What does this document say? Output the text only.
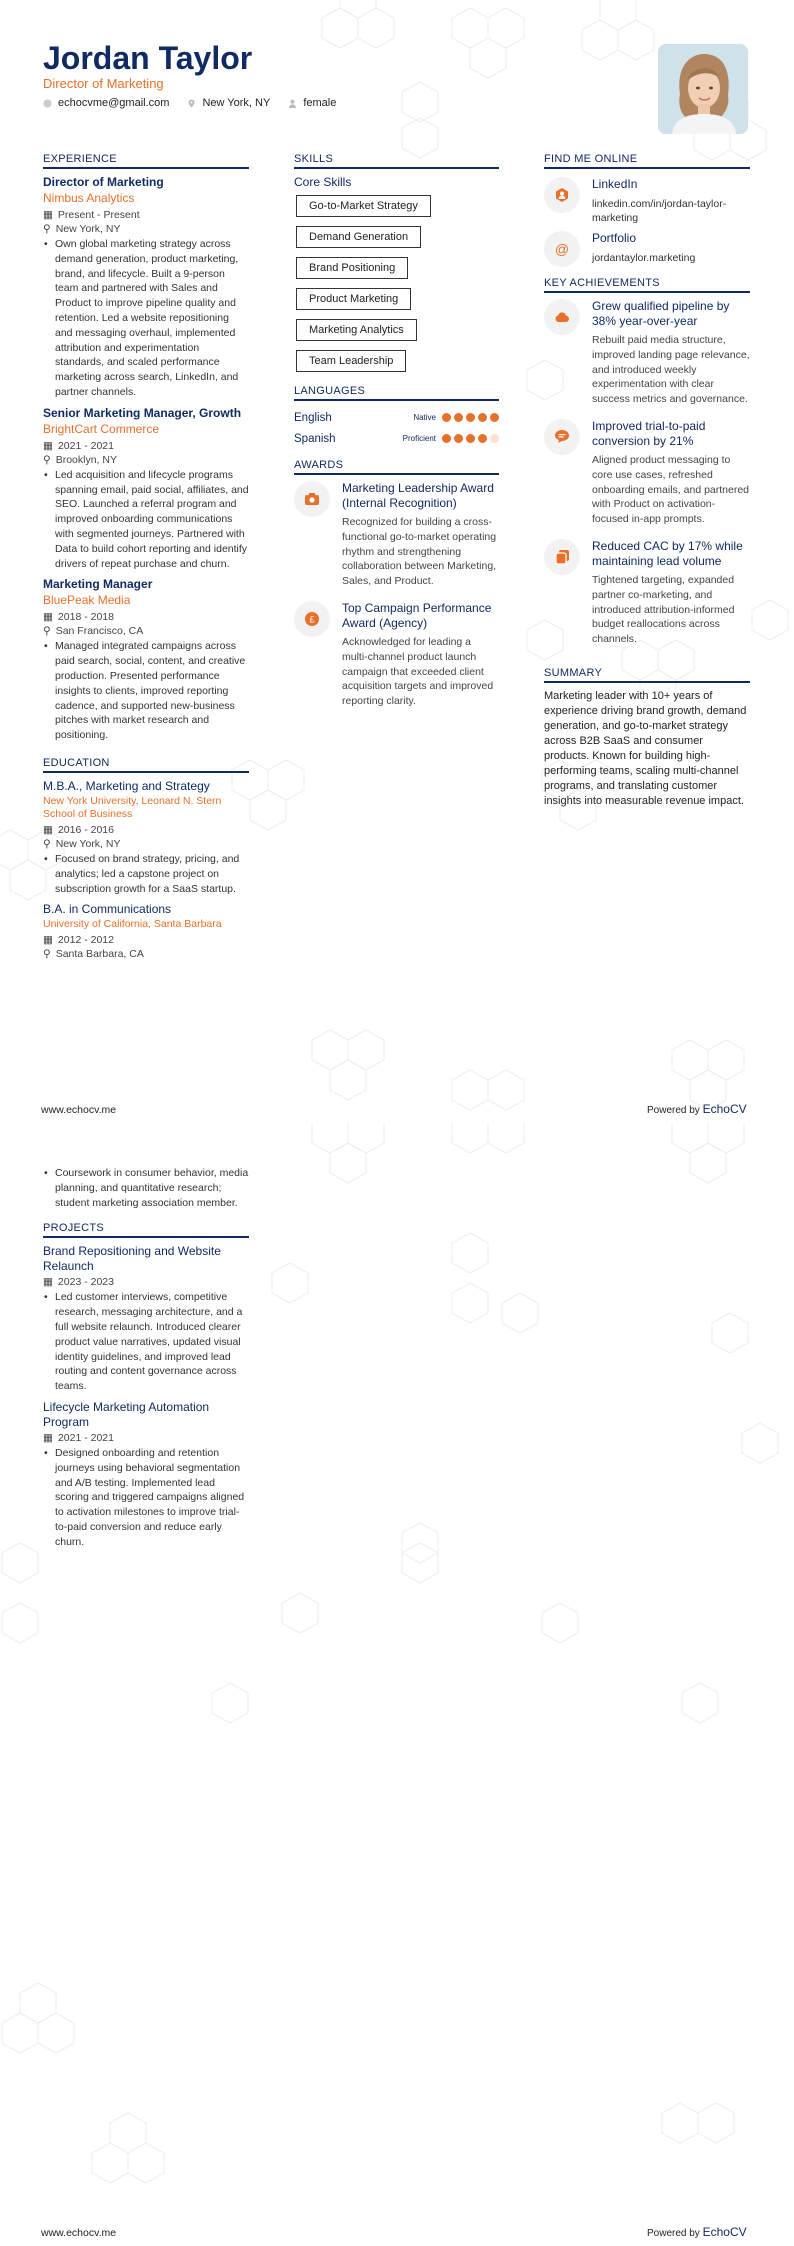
Jordan Taylor
Director of Marketing
echocvme@gmail.com	New York, NY	female
EXPERIENCE
Director of Marketing
Nimbus Analytics
▦ Present - Present
⚲ New York, NY
• Own global marketing strategy across demand generation, product marketing, brand, and lifecycle. Built a 9-person team and partnered with Sales and Product to improve pipeline quality and retention. Led a website repositioning and messaging overhaul, implemented attribution and experimentation standards, and scaled performance marketing across search, LinkedIn, and partner channels.
Senior Marketing Manager, Growth
BrightCart Commerce
▦ 2021 - 2021
⚲ Brooklyn, NY
• Led acquisition and lifecycle programs spanning email, paid social, affiliates, and SEO. Launched a referral program and improved onboarding communications with segmented journeys. Partnered with Data to build cohort reporting and identify drivers of repeat purchase and churn.
Marketing Manager
BluePeak Media
▦ 2018 - 2018
⚲ San Francisco, CA
• Managed integrated campaigns across paid search, social, content, and creative production. Presented performance insights to clients, improved reporting cadence, and supported new-business pitches with market research and positioning.
EDUCATION
M.B.A., Marketing and Strategy
New York University, Leonard N. Stern School of Business
▦ 2016 - 2016
⚲ New York, NY
• Focused on brand strategy, pricing, and analytics; led a capstone project on subscription growth for a SaaS startup.
B.A. in Communications
University of California, Santa Barbara
▦ 2012 - 2012
⚲ Santa Barbara, CA
SKILLS
Core Skills
Go-to-Market Strategy
Demand Generation
Brand Positioning
Product Marketing
Marketing Analytics
Team Leadership
LANGUAGES
English	Native
Spanish	Proficient
AWARDS
Marketing Leadership Award (Internal Recognition)
Recognized for building a cross-functional go-to-market operating rhythm and strengthening collaboration between Marketing, Sales, and Product.
£
Top Campaign Performance Award (Agency)
Acknowledged for leading a multi-channel product launch campaign that exceeded client acquisition targets and improved reporting clarity.
FIND ME ONLINE
LinkedIn
linkedin.com/in/jordan-taylor-marketing
@
Portfolio
jordantaylor.marketing
KEY ACHIEVEMENTS
Grew qualified pipeline by 38% year-over-year
Rebuilt paid media structure, improved landing page relevance, and introduced weekly experimentation with clear success metrics and governance.
Improved trial-to-paid conversion by 21%
Aligned product messaging to core use cases, refreshed onboarding emails, and partnered with Product on activation-focused in-app prompts.
Reduced CAC by 17% while maintaining lead volume
Tightened targeting, expanded partner co-marketing, and introduced attribution-informed budget reallocations across channels.
SUMMARY
Marketing leader with 10+ years of experience driving brand growth, demand generation, and go-to-market strategy across B2B SaaS and consumer products. Known for building high-performing teams, scaling multi-channel programs, and translating customer insights into measurable revenue impact.
www.echocv.me	Powered by EchoCV
• Coursework in consumer behavior, media planning, and quantitative research; student marketing association member.
PROJECTS
Brand Repositioning and Website Relaunch
▦ 2023 - 2023
• Led customer interviews, competitive research, messaging architecture, and a full website relaunch. Introduced clearer product value narratives, updated visual identity guidelines, and improved lead routing and content governance across teams.
Lifecycle Marketing Automation Program
▦ 2021 - 2021
• Designed onboarding and retention journeys using behavioral segmentation and A/B testing. Implemented lead scoring and triggered campaigns aligned to activation milestones to improve trial-to-paid conversion and reduce early churn.
www.echocv.me	Powered by EchoCV
